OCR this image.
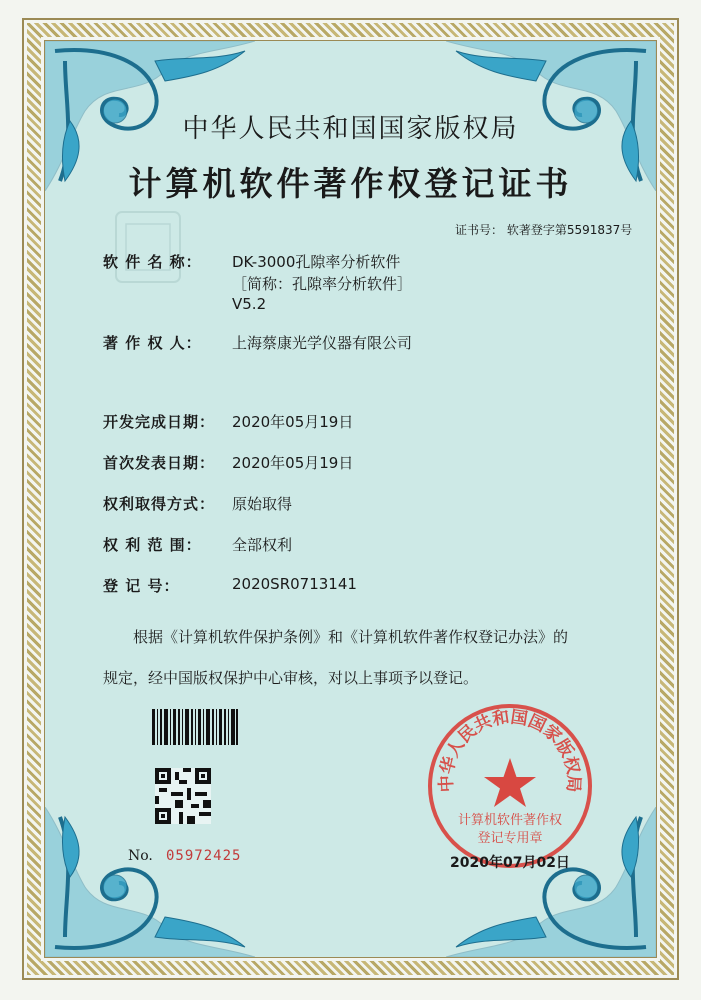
中华人民共和国国家版权局
计算机软件著作权登记证书
证书号： 软著登字第5591837号
软 件 名 称： DK-3000孔隙率分析软件
［简称：孔隙率分析软件］
V5.2
著 作 权 人： 上海蔡康光学仪器有限公司
开发完成日期： 2020年05月19日
首次发表日期： 2020年05月19日
权利取得方式： 原始取得
权 利 范 围： 全部权利
登 记 号：	2020SR0713141
根据《计算机软件保护条例》和《计算机软件著作权登记办法》的
规定，经中国版权保护中心审核，对以上事项予以登记。
No. 05972425
中华人民共和国国家版权局
计算机软件著作权
登记专用章
2020年07月02日
